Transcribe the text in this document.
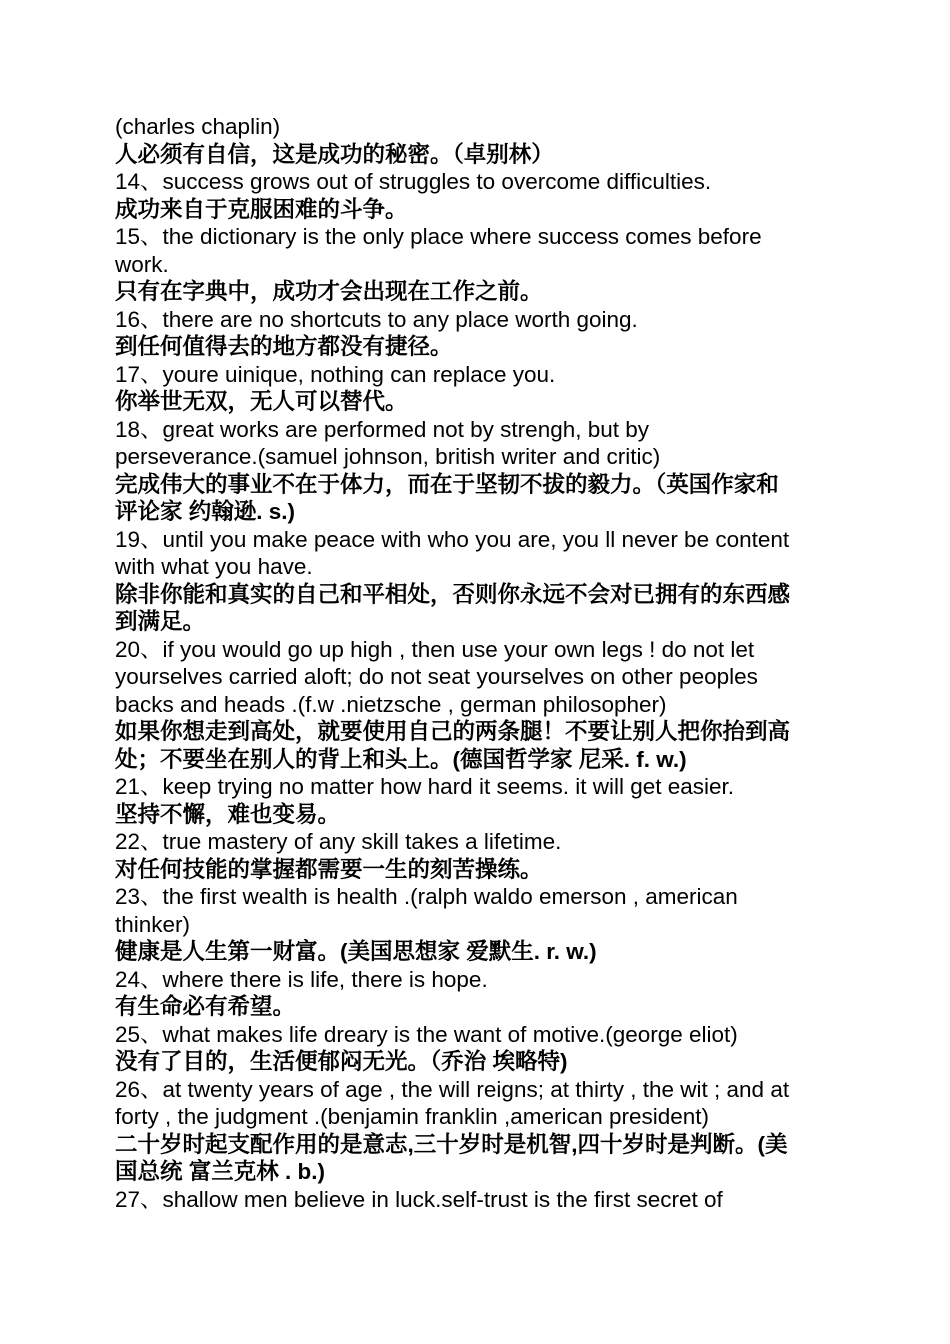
(charles chaplin)

人必须有自信，这是成功的秘密。（卓别林）

14、success grows out of struggles to overcome difficulties.

成功来自于克服困难的斗争。

15、the dictionary is the only place where success comes before

work.

只有在字典中，成功才会出现在工作之前。

16、there are no shortcuts to any place worth going.

到任何值得去的地方都没有捷径。

17、youre uinique, nothing can replace you.

你举世无双，无人可以替代。

18、great works are performed not by strengh, but by

perseverance.(samuel johnson, british writer and critic)

完成伟大的事业不在于体力，而在于坚韧不拔的毅力。（英国作家和

评论家 约翰逊. s.)

19、until you make peace with who you are, you ll never be content

with what you have.

除非你能和真实的自己和平相处，否则你永远不会对已拥有的东西感

到满足。

20、if you would go up high , then use your own legs ! do not let

yourselves carried aloft; do not seat yourselves on other peoples

backs and heads .(f.w .nietzsche , german philosopher)

如果你想走到高处，就要使用自己的两条腿！不要让别人把你抬到高

处；不要坐在别人的背上和头上。(德国哲学家 尼采. f. w.)

21、keep trying no matter how hard it seems. it will get easier.

坚持不懈，难也变易。

22、true mastery of any skill takes a lifetime.

对任何技能的掌握都需要一生的刻苦操练。

23、the first wealth is health .(ralph waldo emerson , american

thinker)

健康是人生第一财富。(美国思想家 爱默生. r. w.)

24、where there is life, there is hope.

有生命必有希望。

25、what makes life dreary is the want of motive.(george eliot)

没有了目的，生活便郁闷无光。（乔治 埃略特)

26、at twenty years of age , the will reigns; at thirty , the wit ; and at

forty , the judgment .(benjamin franklin ,american president)

二十岁时起支配作用的是意志,三十岁时是机智,四十岁时是判断。(美

国总统 富兰克林 . b.)

27、shallow men believe in luck.self-trust is the first secret of
